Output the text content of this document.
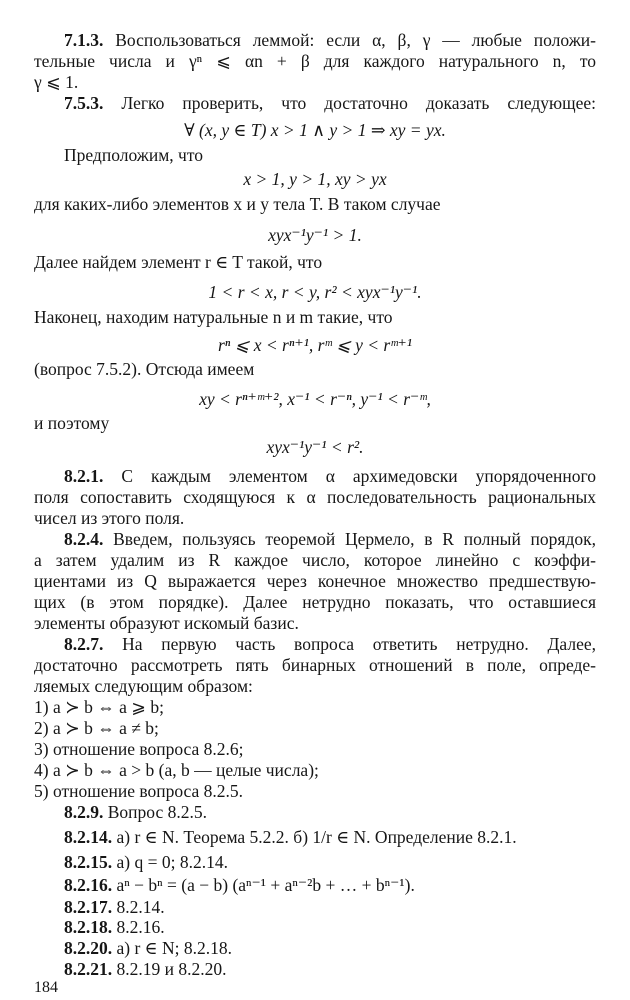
7.1.3. Воспользоваться леммой: если α, β, γ — любые положи-
тельные числа и γⁿ ⩽ αn + β для каждого натурального n, то
γ ⩽ 1.
7.5.3. Легко проверить, что достаточно доказать следующее:
∀ (x, y ∈ T) x > 1 ∧ y > 1 ⇒ xy = yx.
Предположим, что
x > 1, y > 1, xy > yx
для каких-либо элементов x и y тела T. В таком случае
xyx⁻¹y⁻¹ > 1.
Далее найдем элемент r ∈ T такой, что
1 < r < x, r < y, r² < xyx⁻¹y⁻¹.
Наконец, находим натуральные n и m такие, что
rⁿ ⩽ x < rⁿ⁺¹, rᵐ ⩽ y < rᵐ⁺¹
(вопрос 7.5.2). Отсюда имеем
xy < rⁿ⁺ᵐ⁺², x⁻¹ < r⁻ⁿ, y⁻¹ < r⁻ᵐ,
и поэтому
xyx⁻¹y⁻¹ < r².
8.2.1. С каждым элементом α архимедовски упорядоченного
поля сопоставить сходящуюся к α последовательность рациональных
чисел из этого поля.
8.2.4. Введем, пользуясь теоремой Цермело, в R полный порядок,
а затем удалим из R каждое число, которое линейно с коэффи-
циентами из Q выражается через конечное множество предшествую-
щих (в этом порядке). Далее нетрудно показать, что оставшиеся
элементы образуют искомый базис.
8.2.7. На первую часть вопроса ответить нетрудно. Далее,
достаточно рассмотреть пять бинарных отношений в поле, опреде-
ляемых следующим образом:
1) a ≻ b ⇔ a ⩾ b;
2) a ≻ b ⇔ a ≠ b;
3) отношение вопроса 8.2.6;
4) a ≻ b ⇔ a > b (a, b — целые числа);
5) отношение вопроса 8.2.5.
8.2.9. Вопрос 8.2.5.
8.2.14. а) r ∈ N. Теорема 5.2.2. б) 1/r ∈ N. Определение 8.2.1.
8.2.15. а) q = 0; 8.2.14.
8.2.16. aⁿ − bⁿ = (a − b) (aⁿ⁻¹ + aⁿ⁻²b + … + bⁿ⁻¹).
8.2.17. 8.2.14.
8.2.18. 8.2.16.
8.2.20. а) r ∈ N; 8.2.18.
8.2.21. 8.2.19 и 8.2.20.
184
